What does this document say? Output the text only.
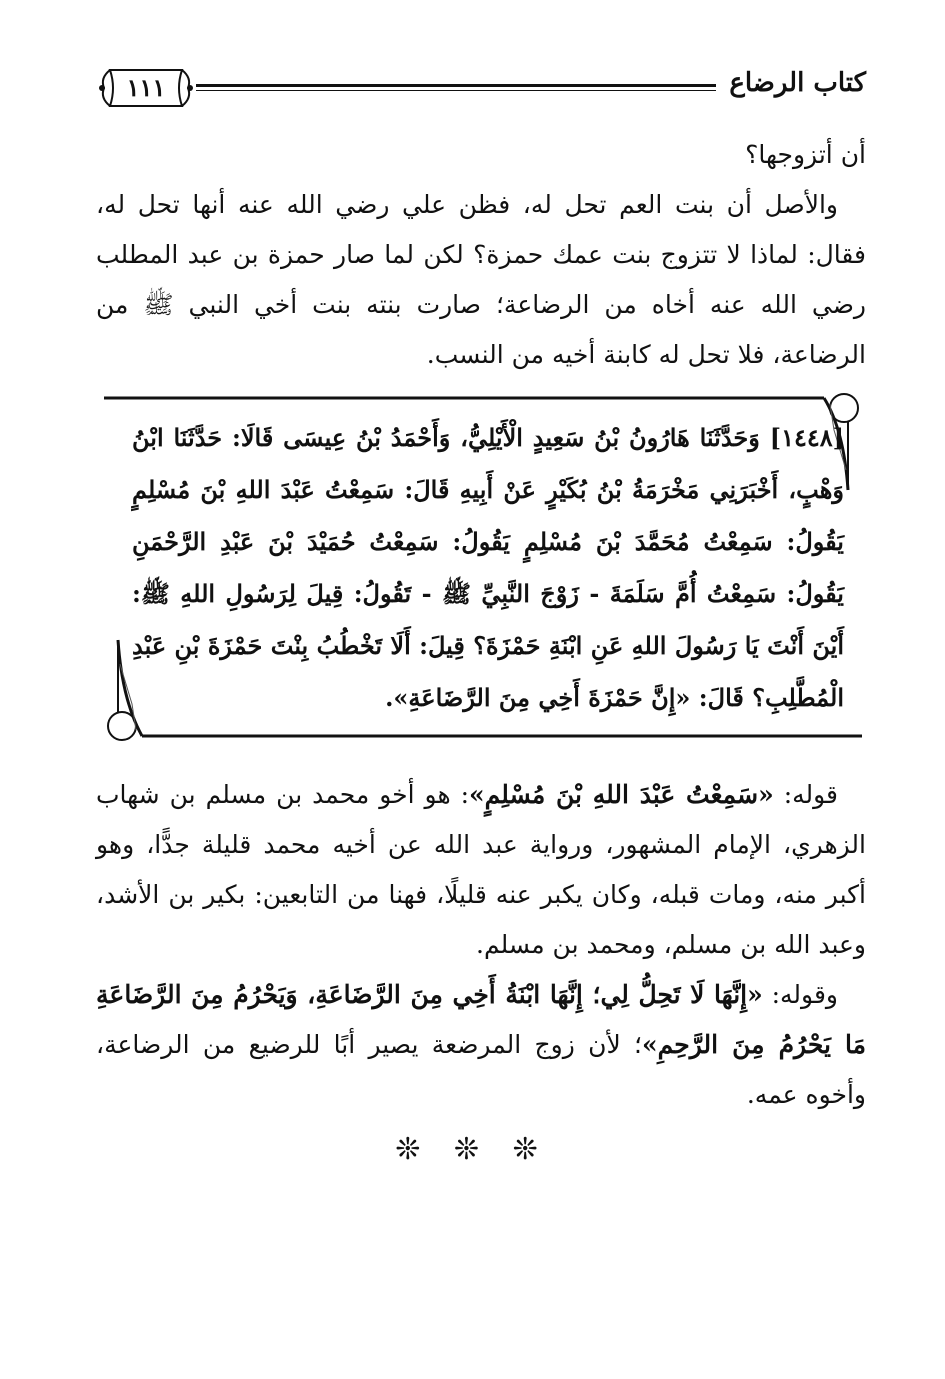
كتاب الرضاع
١١١

أن أتزوجها؟

والأصل أن بنت العم تحل له، فظن علي رضي الله عنه أنها تحل له، فقال: لماذا لا تتزوج بنت عمك حمزة؟ لكن لما صار حمزة بن عبد المطلب رضي الله عنه أخاه من الرضاعة؛ صارت بنته بنت أخي النبي ﷺ من الرضاعة، فلا تحل له كابنة أخيه من النسب.

[١٤٤٨] وَحَدَّثَنَا هَارُونُ بْنُ سَعِيدٍ الْأَيْلِيُّ، وَأَحْمَدُ بْنُ عِيسَى قَالَا: حَدَّثَنَا ابْنُ وَهْبٍ، أَخْبَرَنِي مَخْرَمَةُ بْنُ بُكَيْرٍ عَنْ أَبِيهِ قَالَ: سَمِعْتُ عَبْدَ اللهِ بْنَ مُسْلِمٍ يَقُولُ: سَمِعْتُ مُحَمَّدَ بْنَ مُسْلِمٍ يَقُولُ: سَمِعْتُ حُمَيْدَ بْنَ عَبْدِ الرَّحْمَنِ يَقُولُ: سَمِعْتُ أُمَّ سَلَمَةَ - زَوْجَ النَّبِيِّ ﷺ - تَقُولُ: قِيلَ لِرَسُولِ اللهِ ﷺ: أَيْنَ أَنْتَ يَا رَسُولَ اللهِ عَنِ ابْنَةِ حَمْزَةَ؟ قِيلَ: أَلَا تَخْطُبُ بِنْتَ حَمْزَةَ بْنِ عَبْدِ الْمُطَّلِبِ؟ قَالَ: «إِنَّ حَمْزَةَ أَخِي مِنَ الرَّضَاعَةِ».

قوله: «سَمِعْتُ عَبْدَ اللهِ بْنَ مُسْلِمٍ»: هو أخو محمد بن مسلم بن شهاب الزهري، الإمام المشهور، ورواية عبد الله عن أخيه محمد قليلة جدًّا، وهو أكبر منه، ومات قبله، وكان يكبر عنه قليلًا، فهنا من التابعين: بكير بن الأشد، وعبد الله بن مسلم، ومحمد بن مسلم.

وقوله: «إِنَّهَا لَا تَحِلُّ لِي؛ إِنَّهَا ابْنَةُ أَخِي مِنَ الرَّضَاعَةِ، وَيَحْرُمُ مِنَ الرَّضَاعَةِ مَا يَحْرُمُ مِنَ الرَّحِمِ»؛ لأن زوج المرضعة يصير أبًا للرضيع من الرضاعة، وأخوه عمه.

❊ ❊ ❊
